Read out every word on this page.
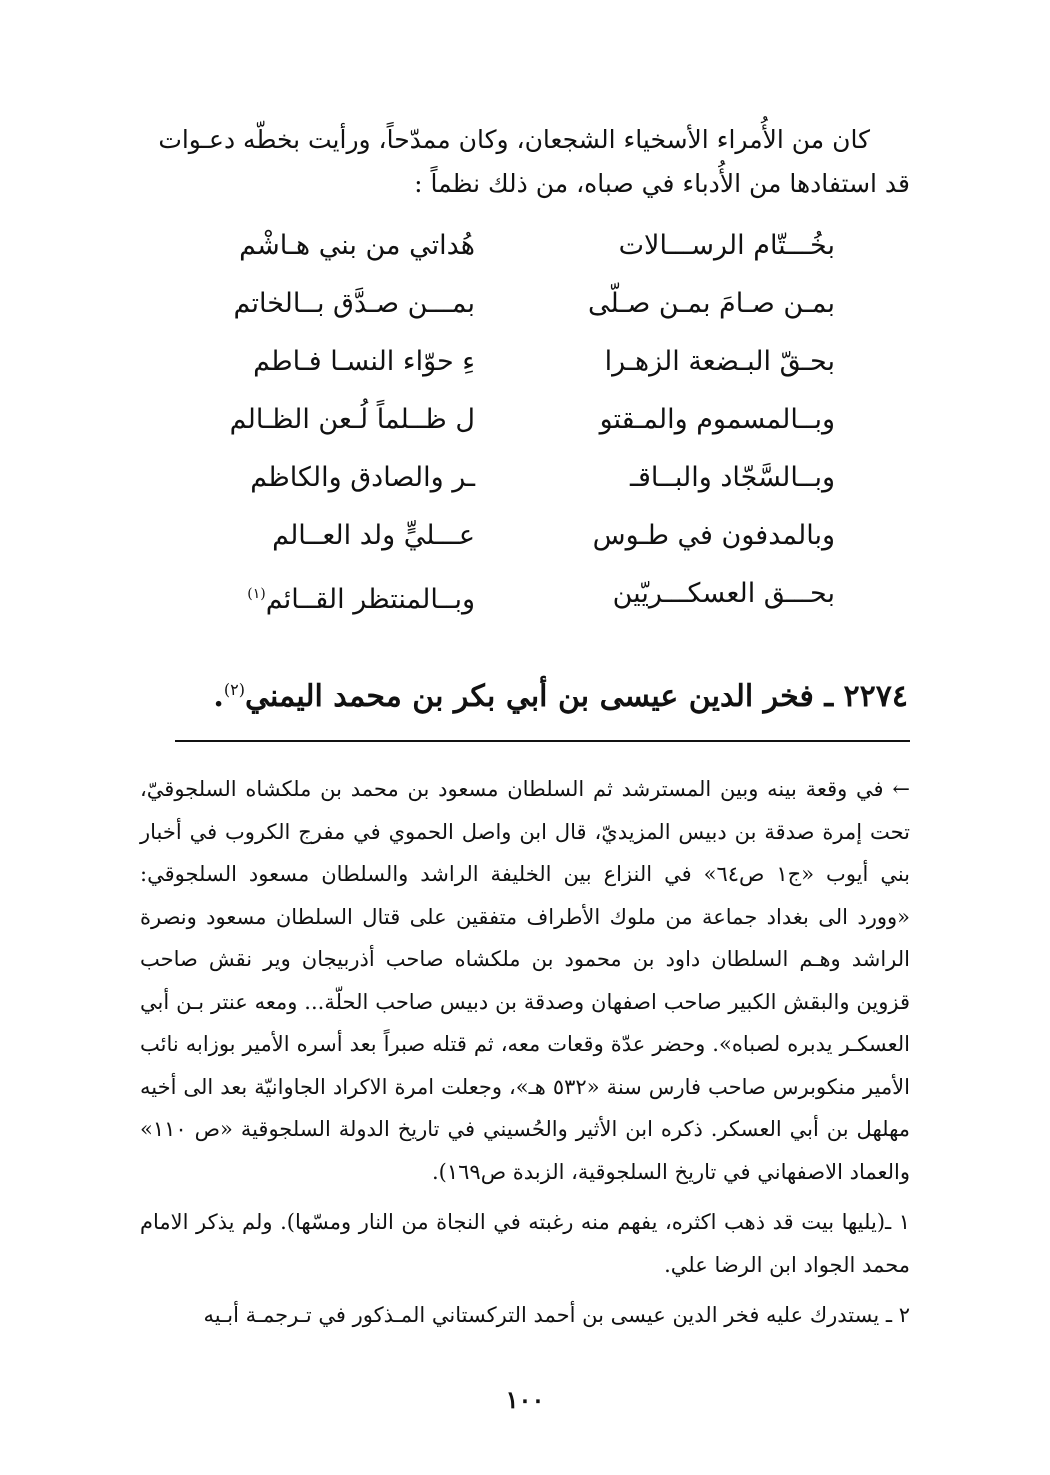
كان من الأُمراء الأسخياء الشجعان، وكان ممدّحاً، ورأيت بخطّه دعـوات

قد استفادها من الأُدباء في صباه، من ذلك نظماً :

بخُـــتّام الرســـالات
هُداتي من بني هـاشْم
بمـن صـامَ بمـن صـلّى
بمـــن صـدَّق بــالخاتم
بحـقّ البـضعة الزهـرا
ءِ حوّاء النسـا فـاطم
وبــالمسموم والمـقتو
ل ظــلماً لُـعن الظـالم
وبــالسَّجّاد والبــاقـ
ـر والصادق والكاظم
وبالمدفون في طـوس
عـــليٍّ ولد العــالم
بحـــق العسكـــريّين
وبــالمنتظر القــائم$^{(١)}$
٢٢٧٤ ـ فخر الدين عيسى بن أبي بكر بن محمد اليمني$^{(٢)}$.

← في وقعة بينه وبين المسترشد ثم السلطان مسعود بن محمد بن ملكشاه السلجوقيّ، تحت إمرة صدقة بن دبيس المزيديّ، قال ابن واصل الحموي في مفرج الكروب في أخبار بني أيوب «ج١ ص٦٤» في النزاع بين الخليفة الراشد والسلطان مسعود السلجوقي: «وورد الى بغداد جماعة من ملوك الأطراف متفقين على قتال السلطان مسعود ونصرة الراشد وهـم السلطان داود بن محمود بن ملكشاه صاحب أذربيجان وير نقش صاحب قزوين والبقش الكبير صاحب اصفهان وصدقة بن دبيس صاحب الحلّة... ومعه عنتر بـن أبي العسكـر يدبره لصباه». وحضر عدّة وقعات معه، ثم قتله صبراً بعد أسره الأمير بوزابه نائب الأمير منكوبرس صاحب فارس سنة «٥٣٢ هـ»، وجعلت امرة الاكراد الجاوانيّة بعد الى أخيه مهلهل بن أبي العسكر. ذكره ابن الأثير والحُسيني في تاريخ الدولة السلجوقية «ص ١١٠» والعماد الاصفهاني في تاريخ السلجوقية، الزبدة ص١٦٩).

١ ـ(يليها بيت قد ذهب اكثره، يفهم منه رغبته في النجاة من النار ومسّها). ولم يذكر الامام محمد الجواد ابن الرضا علي.

٢ ـ يستدرك عليه فخر الدين عيسى بن أحمد التركستاني المـذكور في تـرجمـة أبـيه

١٠٠
